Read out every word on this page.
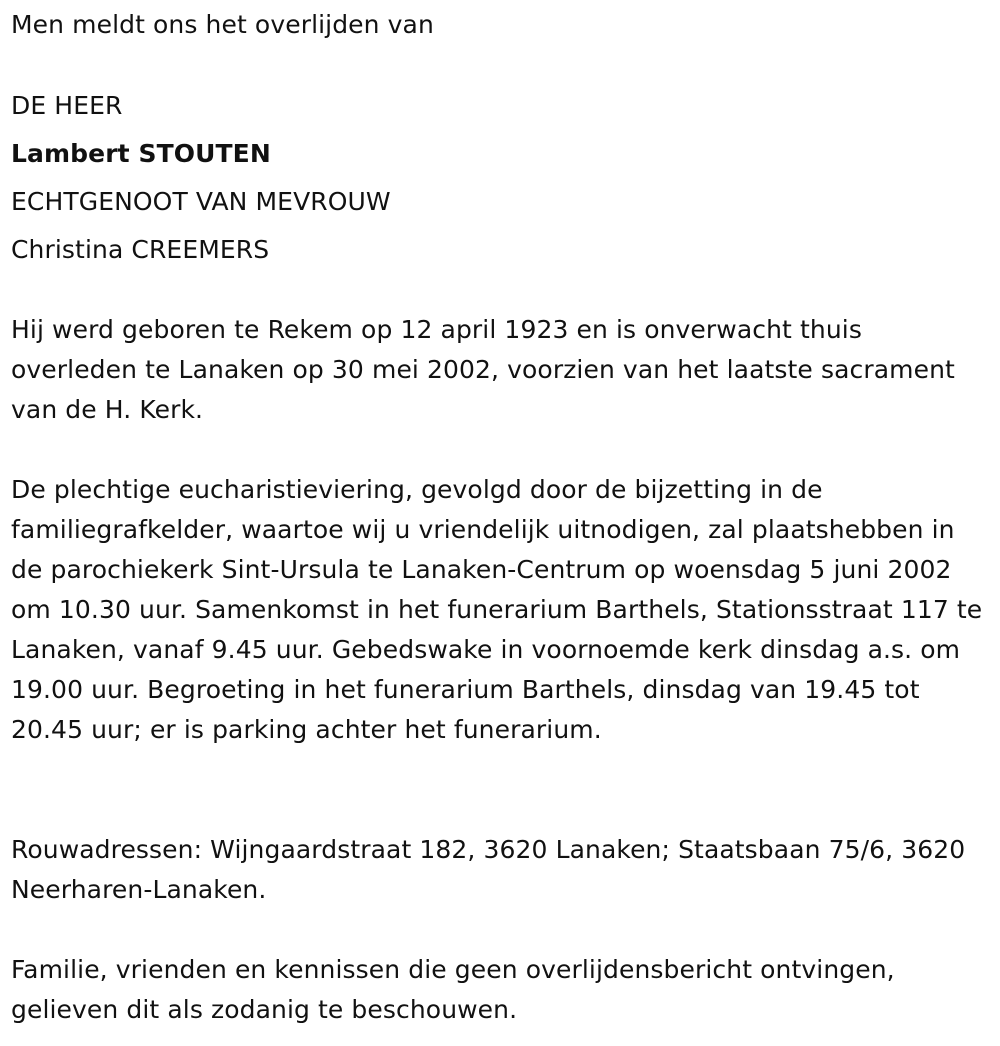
Men meldt ons het overlijden van
DE HEER
Lambert STOUTEN
ECHTGENOOT VAN MEVROUW
Christina CREEMERS
Hij werd geboren te Rekem op 12 april 1923 en is onverwacht thuis overleden te Lanaken op 30 mei 2002, voorzien van het laatste sacrament van de H. Kerk.
De plechtige eucharistieviering, gevolgd door de bijzetting in de familiegrafkelder, waartoe wij u vriendelijk uitnodigen, zal plaatshebben in de parochiekerk Sint-Ursula te Lanaken-Centrum op woensdag 5 juni 2002 om 10.30 uur. Samenkomst in het funerarium Barthels, Stationsstraat 117 te Lanaken, vanaf 9.45 uur. Gebedswake in voornoemde kerk dinsdag a.s. om 19.00 uur. Begroeting in het funerarium Barthels, dinsdag van 19.45 tot 20.45 uur; er is parking achter het funerarium.
Rouwadressen: Wijngaardstraat 182, 3620 Lanaken; Staatsbaan 75/6, 3620 Neerharen-Lanaken.
Familie, vrienden en kennissen die geen overlijdensbericht ontvingen, gelieven dit als zodanig te beschouwen.
